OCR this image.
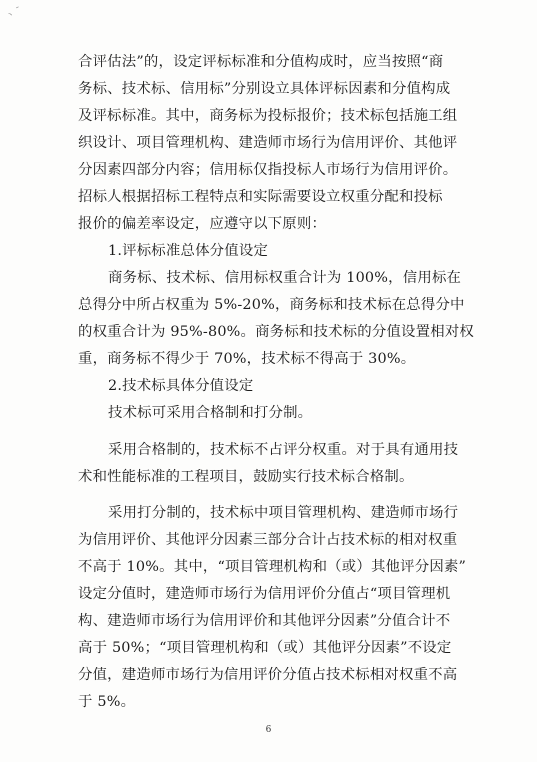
ヽ ˉ
合评估法”的，设定评标标准和分值构成时，应当按照“商
务标、技术标、信用标”分别设立具体评标因素和分值构成
及评标标准。其中，商务标为投标报价；技术标包括施工组
织设计、项目管理机构、建造师市场行为信用评价、其他评
分因素四部分内容；信用标仅指投标人市场行为信用评价。
招标人根据招标工程特点和实际需要设立权重分配和投标
报价的偏差率设定，应遵守以下原则：
1.评标标准总体分值设定
商务标、技术标、信用标权重合计为 100%，信用标在
总得分中所占权重为 5%-20%，商务标和技术标在总得分中
的权重合计为 95%-80%。商务标和技术标的分值设置相对权
重，商务标不得少于 70%，技术标不得高于 30%。
2.技术标具体分值设定
技术标可采用合格制和打分制。
采用合格制的，技术标不占评分权重。对于具有通用技
术和性能标准的工程项目，鼓励实行技术标合格制。
采用打分制的，技术标中项目管理机构、建造师市场行
为信用评价、其他评分因素三部分合计占技术标的相对权重
不高于 10%。其中，“项目管理机构和（或）其他评分因素”
设定分值时，建造师市场行为信用评价分值占“项目管理机
构、建造师市场行为信用评价和其他评分因素”分值合计不
高于 50%；“项目管理机构和（或）其他评分因素”不设定
分值，建造师市场行为信用评价分值占技术标相对权重不高
于 5%。
6
